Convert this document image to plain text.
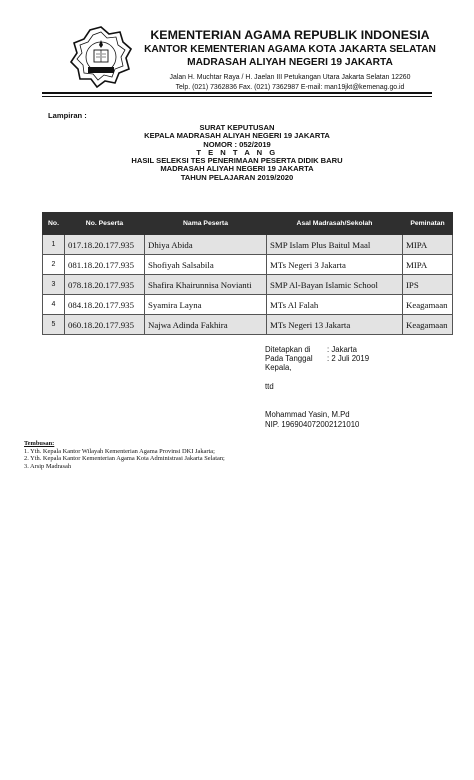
KEMENTERIAN AGAMA REPUBLIK INDONESIA
KANTOR KEMENTERIAN AGAMA KOTA JAKARTA SELATAN
MADRASAH ALIYAH NEGERI 19 JAKARTA
Jalan H. Muchtar Raya / H. Jaelan III Petukangan Utara Jakarta Selatan 12260
Telp. (021) 7362836 Fax. (021) 7362987 E-mail: man19jkt@kemenag.go.id
Lampiran :
SURAT KEPUTUSAN
KEPALA MADRASAH ALIYAH NEGERI 19 JAKARTA
NOMOR : 052/2019
T E N T A N G
HASIL SELEKSI TES PENERIMAAN PESERTA DIDIK BARU
MADRASAH ALIYAH NEGERI 19 JAKARTA
TAHUN PELAJARAN 2019/2020
No.	No. Peserta	Nama Peserta	Asal Madrasah/Sekolah	Peminatan
1	017.18.20.177.935	Dhiya Abida	SMP Islam Plus Baitul Maal	MIPA
2	081.18.20.177.935	Shofiyah Salsabila	MTs Negeri 3 Jakarta	MIPA
3	078.18.20.177.935	Shafira Khairunnisa Novianti	SMP Al-Bayan Islamic School	IPS
4	084.18.20.177.935	Syamira Layna	MTs Al Falah	Keagamaan
5	060.18.20.177.935	Najwa Adinda Fakhira	MTs Negeri 13 Jakarta	Keagamaan
Ditetapkan di : Jakarta
Pada Tanggal : 2 Juli 2019
Kepala,
ttd
Mohammad Yasin, M.Pd
NIP. 196904072002121010
Tembusan:
1. Yth. Kepala Kantor Wilayah Kementerian Agama Provinsi DKI Jakarta;
2. Yth. Kepala Kantor Kementerian Agama Kota Administrasi Jakarta Selatan;
3. Arsip Madrasah
